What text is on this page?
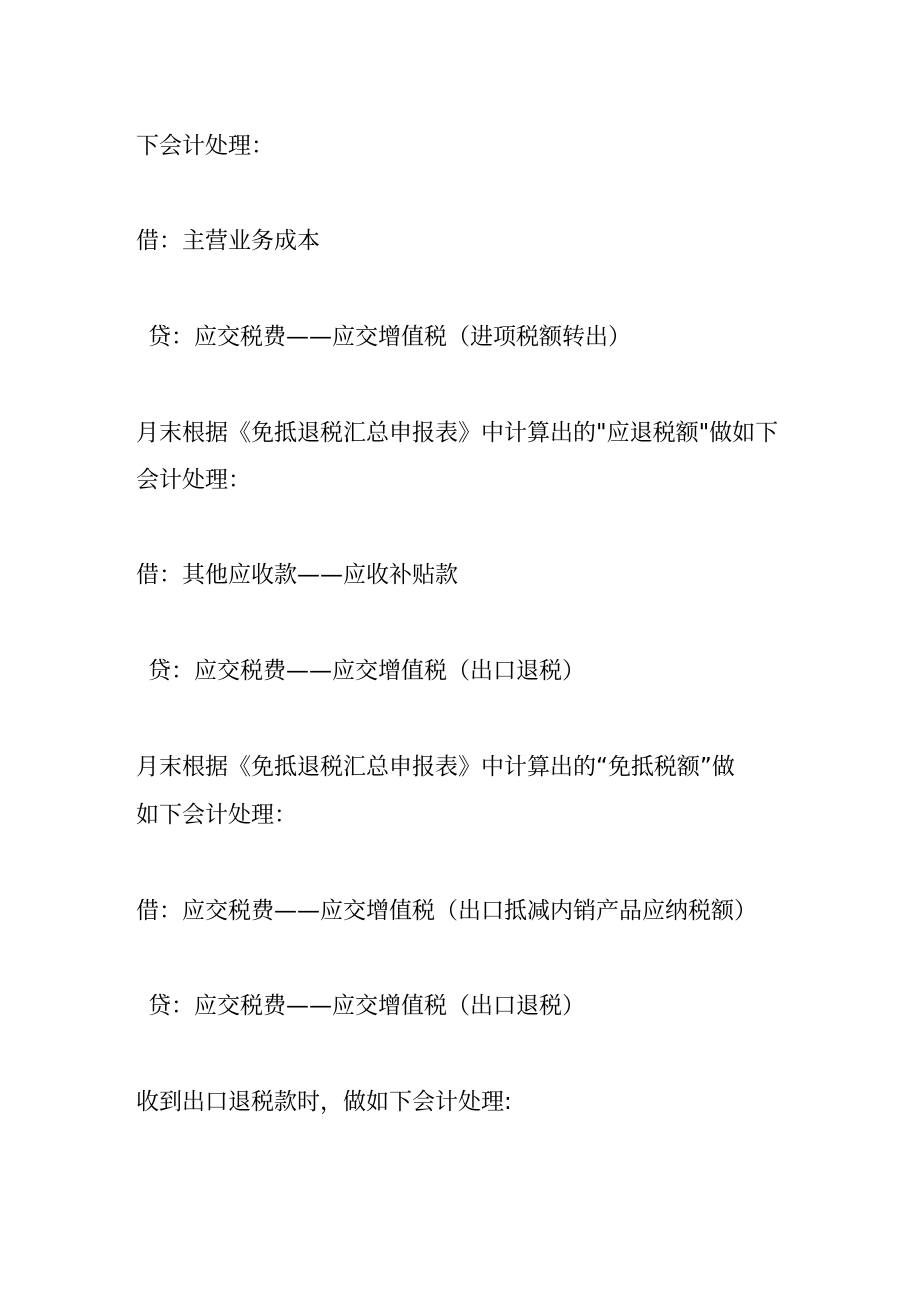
下会计处理：
借：主营业务成本
贷：应交税费——应交增值税（进项税额转出）
月末根据《免抵退税汇总申报表》中计算出的"应退税额"做如下
会计处理：
借：其他应收款——应收补贴款
贷：应交税费——应交增值税（出口退税）
月末根据《免抵退税汇总申报表》中计算出的“免抵税额”做
如下会计处理：
借：应交税费——应交增值税（出口抵减内销产品应纳税额）
贷：应交税费——应交增值税（出口退税）
收到出口退税款时，做如下会计处理:
